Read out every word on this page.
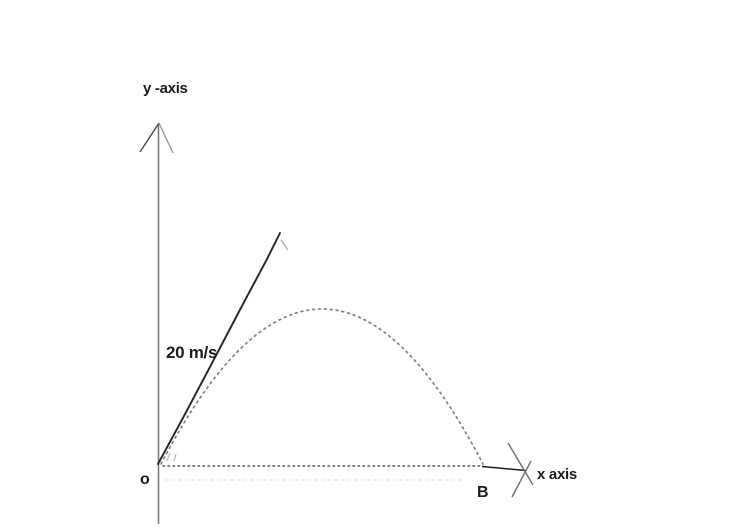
y -axis
20 m/s
o
B
x axis
